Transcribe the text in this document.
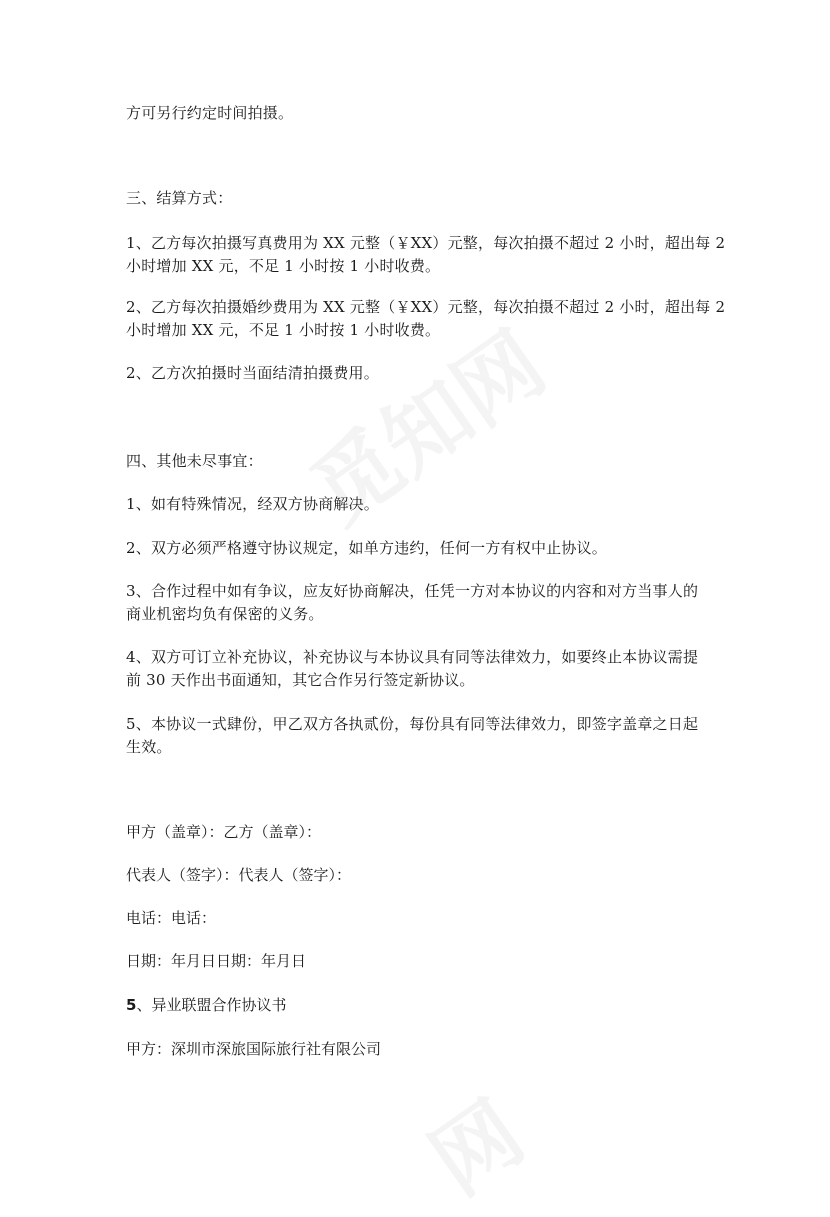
方可另行约定时间拍摄。
三、结算方式：
1、乙方每次拍摄写真费用为 XX 元整（￥XX）元整，每次拍摄不超过 2 小时，超出每 2
小时增加 XX 元，不足 1 小时按 1 小时收费。
2、乙方每次拍摄婚纱费用为 XX 元整（￥XX）元整，每次拍摄不超过 2 小时，超出每 2
小时增加 XX 元，不足 1 小时按 1 小时收费。
2、乙方次拍摄时当面结清拍摄费用。
四、其他未尽事宜：
1、如有特殊情况，经双方协商解决。
2、双方必须严格遵守协议规定，如单方违约，任何一方有权中止协议。
3、合作过程中如有争议，应友好协商解决，任凭一方对本协议的内容和对方当事人的
商业机密均负有保密的义务。
4、双方可订立补充协议，补充协议与本协议具有同等法律效力，如要终止本协议需提
前 30 天作出书面通知，其它合作另行签定新协议。
5、本协议一式肆份，甲乙双方各执贰份，每份具有同等法律效力，即签字盖章之日起
生效。
甲方（盖章）：乙方（盖章）：
代表人（签字）：代表人（签字）：
电话：电话：
日期：年月日日期：年月日
5、异业联盟合作协议书
甲方：深圳市深旅国际旅行社有限公司
